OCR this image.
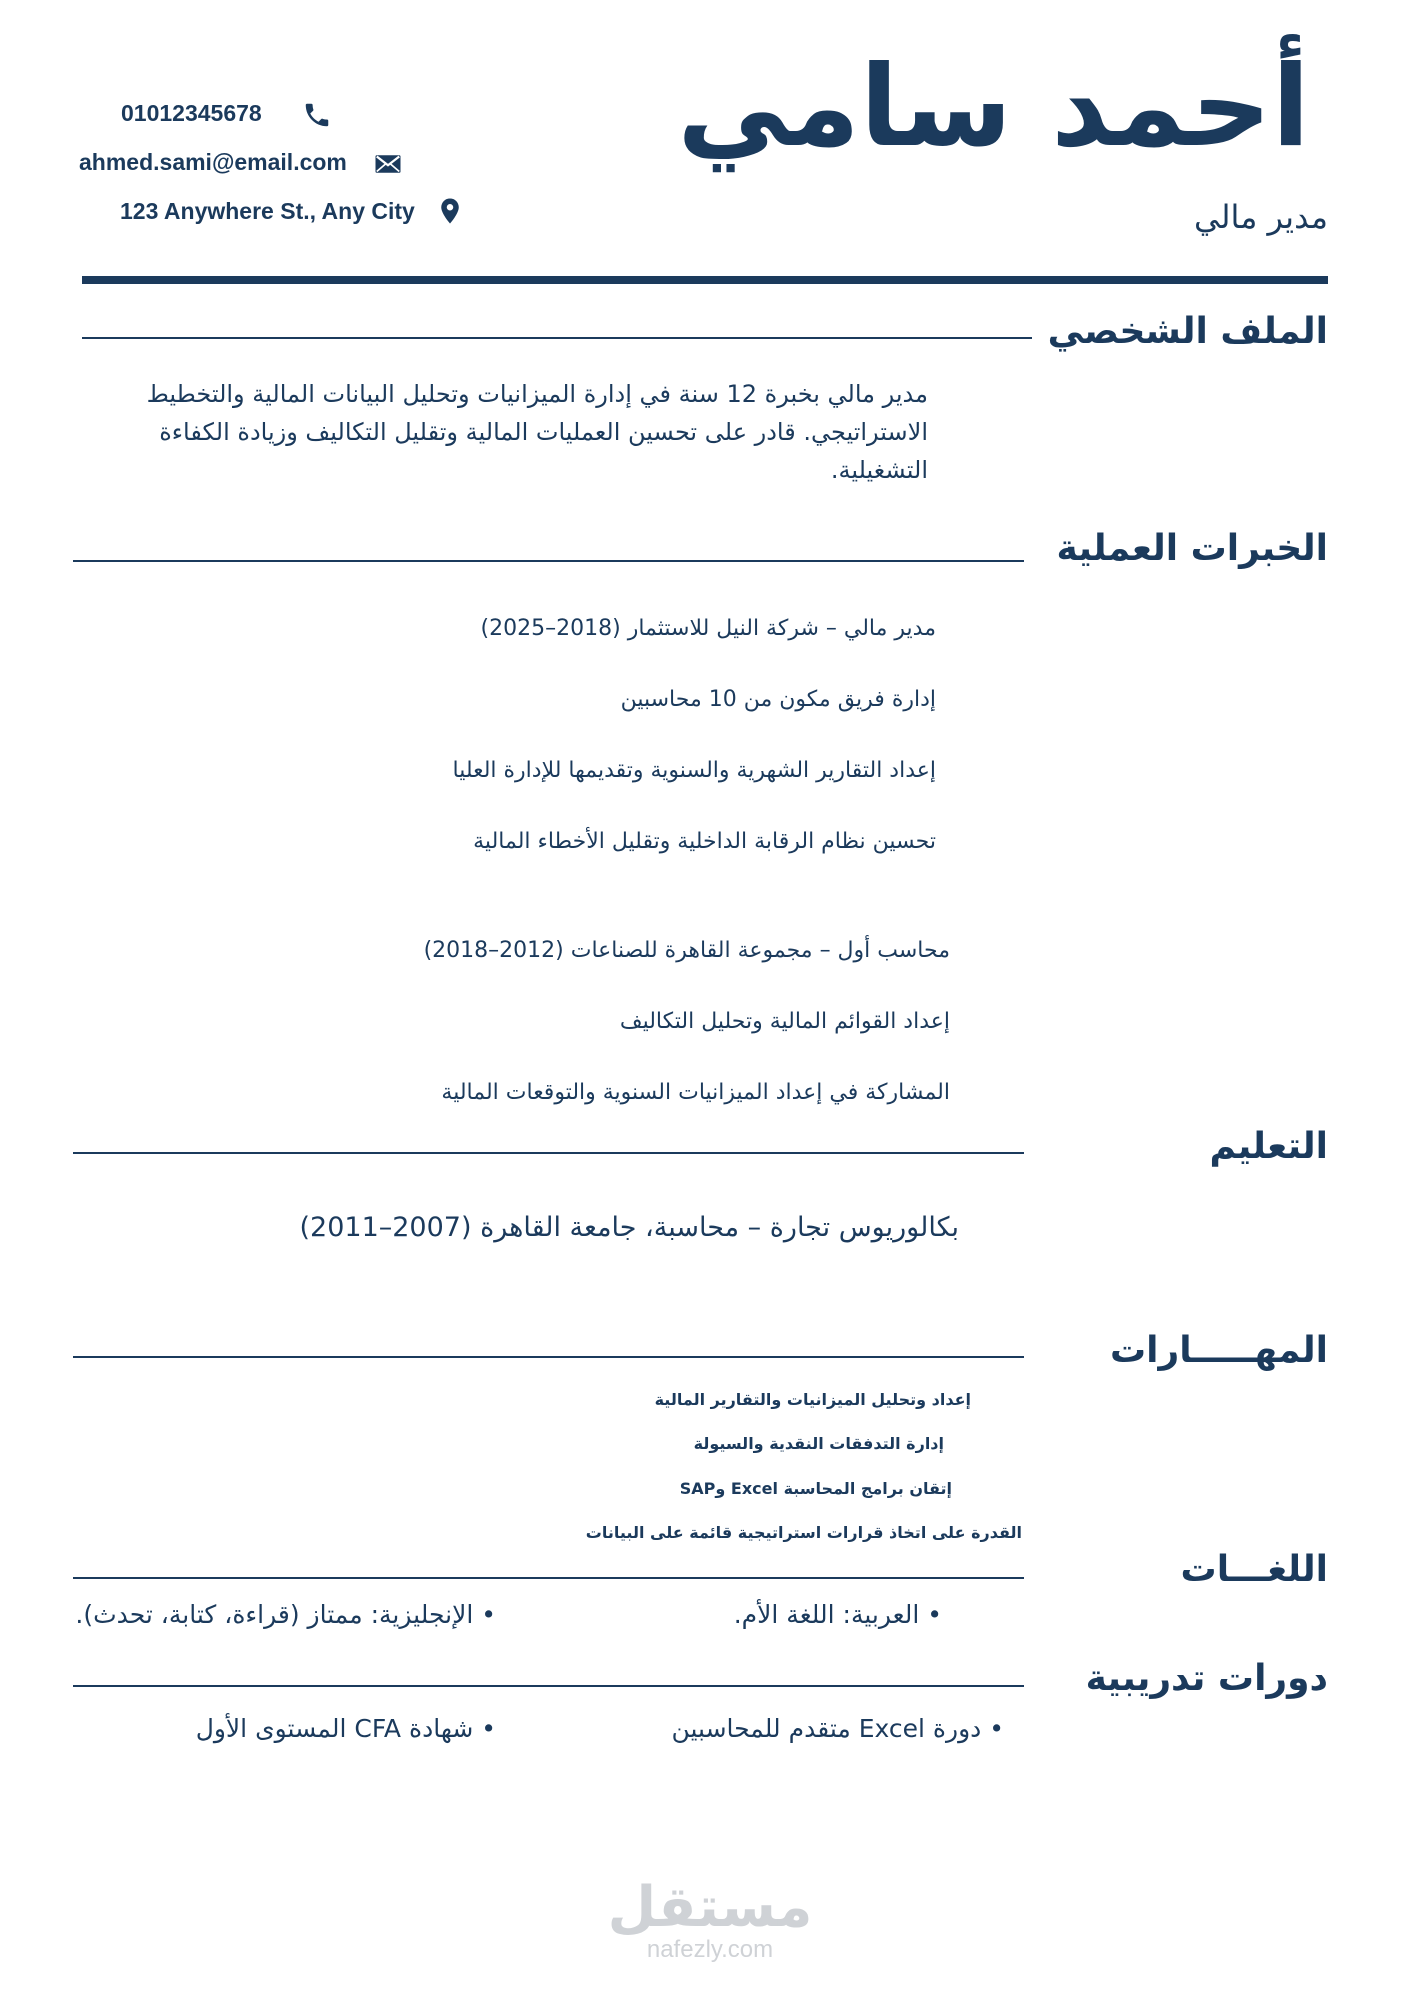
أحمد سامي
مدير مالي
01012345678
ahmed.sami@email.com
123 Anywhere St., Any City
الملف الشخصي
مدير مالي بخبرة 12 سنة في إدارة الميزانيات وتحليل البيانات المالية والتخطيط الاستراتيجي. قادر على تحسين العمليات المالية وتقليل التكاليف وزيادة الكفاءة التشغيلية.
الخبرات العملية
مدير مالي – شركة النيل للاستثمار (2018–2025)
إدارة فريق مكون من 10 محاسبين
إعداد التقارير الشهرية والسنوية وتقديمها للإدارة العليا
تحسين نظام الرقابة الداخلية وتقليل الأخطاء المالية
محاسب أول – مجموعة القاهرة للصناعات (2012–2018)
إعداد القوائم المالية وتحليل التكاليف
المشاركة في إعداد الميزانيات السنوية والتوقعات المالية
التعليم
بكالوريوس تجارة – محاسبة، جامعة القاهرة (2007–2011)
المهـــــارات
إعداد وتحليل الميزانيات والتقارير المالية
إدارة التدفقات النقدية والسيولة
إتقان برامج المحاسبة Excel وSAP
القدرة على اتخاذ قرارات استراتيجية قائمة على البيانات
اللغـــات
• العربية: اللغة الأم.
• الإنجليزية: ممتاز (قراءة، كتابة، تحدث).
دورات تدريبية
• دورة Excel متقدم للمحاسبين
• شهادة CFA المستوى الأول
مستقل
nafezly.com
